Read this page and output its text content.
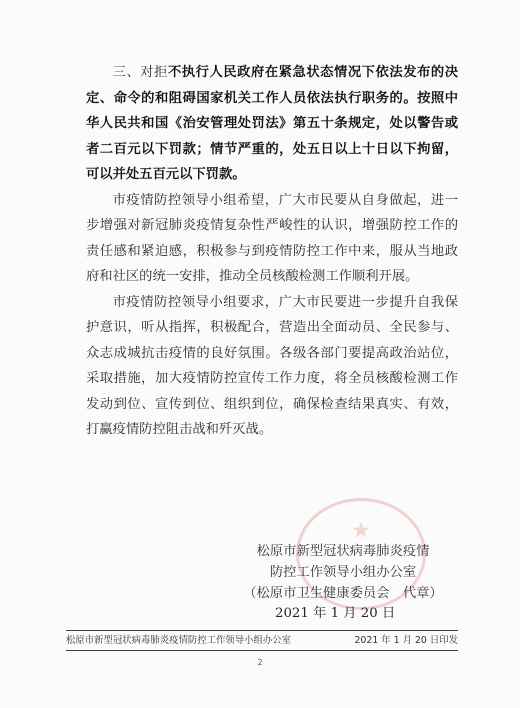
三、对拒不执行人民政府在紧急状态情况下依法发布的决定、命令的和阻碍国家机关工作人员依法执行职务的。按照中华人民共和国《治安管理处罚法》第五十条规定，处以警告或者二百元以下罚款；情节严重的，处五日以上十日以下拘留，可以并处五百元以下罚款。

市疫情防控领导小组希望，广大市民要从自身做起，进一步增强对新冠肺炎疫情复杂性严峻性的认识，增强防控工作的责任感和紧迫感，积极参与到疫情防控工作中来，服从当地政府和社区的统一安排，推动全员核酸检测工作顺利开展。

市疫情防控领导小组要求，广大市民要进一步提升自我保护意识，听从指挥，积极配合，营造出全面动员、全民参与、众志成城抗击疫情的良好氛围。各级各部门要提高政治站位，采取措施，加大疫情防控宣传工作力度，将全员核酸检测工作发动到位、宣传到位、组织到位，确保检查结果真实、有效，打赢疫情防控阻击战和歼灭战。

★
松原市新型冠状病毒肺炎疫情
防控工作领导小组办公室
（松原市卫生健康委员会　代章）
2021 年 1 月 20 日
松原市新型冠状病毒肺炎疫情防控工作领导小组办公室	2021 年 1 月 20 日印发
2
